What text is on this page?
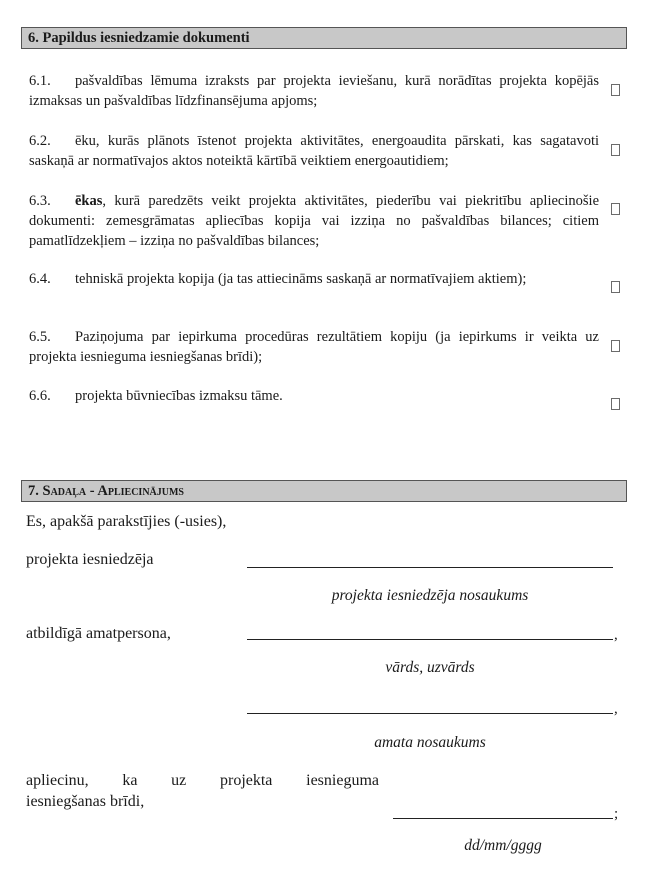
6. Papildus iesniedzamie dokumenti
6.1. pašvaldības lēmuma izraksts par projekta ieviešanu, kurā norādītas projekta kopējās izmaksas un pašvaldības līdzfinansējuma apjoms;
6.2. ēku, kurās plānots īstenot projekta aktivitātes, energoaudita pārskati, kas sagatavoti saskaņā ar normatīvajos aktos noteiktā kārtībā veiktiem energoautidiem;
6.3. ēkas, kurā paredzēts veikt projekta aktivitātes, piederību vai piekritību apliecinošie dokumenti: zemesgrāmatas apliecības kopija vai izziņa no pašvaldības bilances; citiem pamatlīdzekļiem – izziņa no pašvaldības bilances;
6.4. tehniskā projekta kopija (ja tas attiecināms saskaņā ar normatīvajiem aktiem);
6.5. Paziņojuma par iepirkuma procedūras rezultātiem kopiju (ja iepirkums ir veikta uz projekta iesnieguma iesniegšanas brīdi);
6.6. projekta būvniecības izmaksu tāme.
7. Sadaļa - Apliecinājums
Es, apakšā parakstījies (-usies),
projekta iesniedzēja
projekta iesniedzēja nosaukums
atbildīgā amatpersona,	,
vārds, uzvārds
,
amata nosaukums
apliecinu, ka uz projekta iesnieguma
iesniegšanas brīdi,
;
dd/mm/gggg
